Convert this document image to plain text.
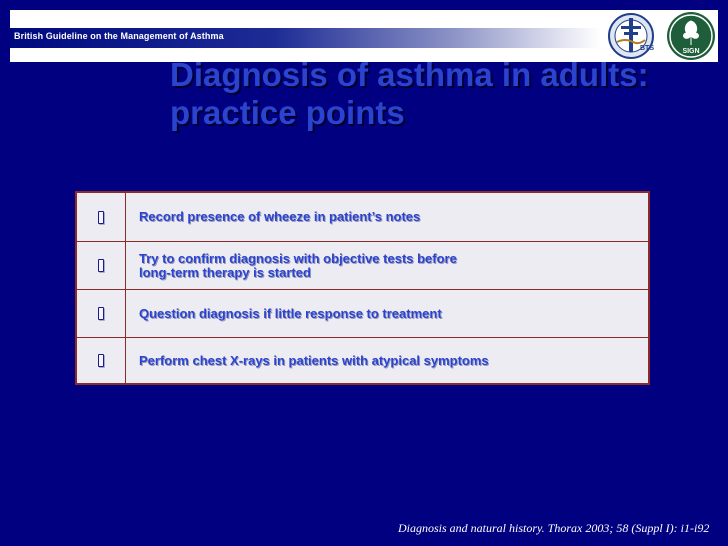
British Guideline on the Management of Asthma
BTS	SIGN
Diagnosis of asthma in adults: practice points
Record presence of wheeze in patient’s notes
Try to confirm diagnosis with objective tests before
long-term therapy is started
Question diagnosis if little response to treatment
Perform chest X-rays in patients with atypical symptoms
Diagnosis and natural history. Thorax 2003; 58 (Suppl I): i1-i92
